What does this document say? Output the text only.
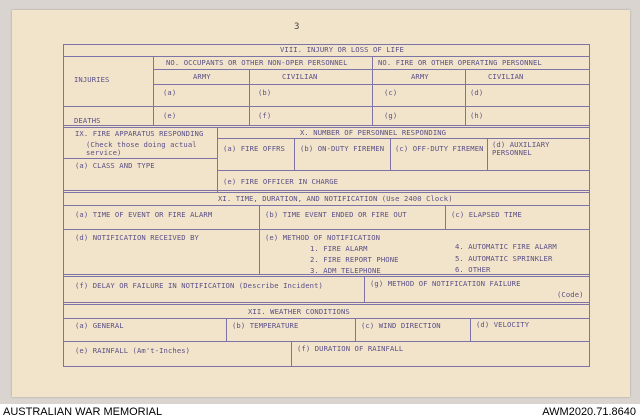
3
VIII. INJURY OR LOSS OF LIFE
NO. OCCUPANTS OR OTHER NON-OPER PERSONNEL	NO. FIRE OR OTHER OPERATING PERSONNEL
ARMY	CIVILIAN	ARMY	CIVILIAN
INJURIES
(a)	(b)	(c)	(d)
DEATHS
(e)	(f)	(g)	(h)
IX. FIRE APPARATUS RESPONDING
(Check those doing actual service)
(a) CLASS AND TYPE
X. NUMBER OF PERSONNEL RESPONDING
(a) FIRE OFFRS (b) ON-DUTY FIREMEN (c) OFF-DUTY FIREMEN (d) AUXILIARY PERSONNEL
(e) FIRE OFFICER IN CHARGE
XI. TIME, DURATION, AND NOTIFICATION (Use 2400 Clock)
(a) TIME OF EVENT OR FIRE ALARM	(b) TIME EVENT ENDED OR FIRE OUT	(c) ELAPSED TIME
(d) NOTIFICATION RECEIVED BY	(e) METHOD OF NOTIFICATION
1. FIRE ALARM
2. FIRE REPORT PHONE
3. ADM TELEPHONE
4. AUTOMATIC FIRE ALARM
5. AUTOMATIC SPRINKLER
6. OTHER
(f) DELAY OR FAILURE IN NOTIFICATION (Describe Incident)	(g) METHOD OF NOTIFICATION FAILURE
(Code)
XII. WEATHER CONDITIONS
(a) GENERAL	(b) TEMPERATURE	(c) WIND DIRECTION	(d) VELOCITY
(e) RAINFALL (Am't-Inches)	(f) DURATION OF RAINFALL
AUSTRALIAN WAR MEMORIAL	AWM2020.71.8640
